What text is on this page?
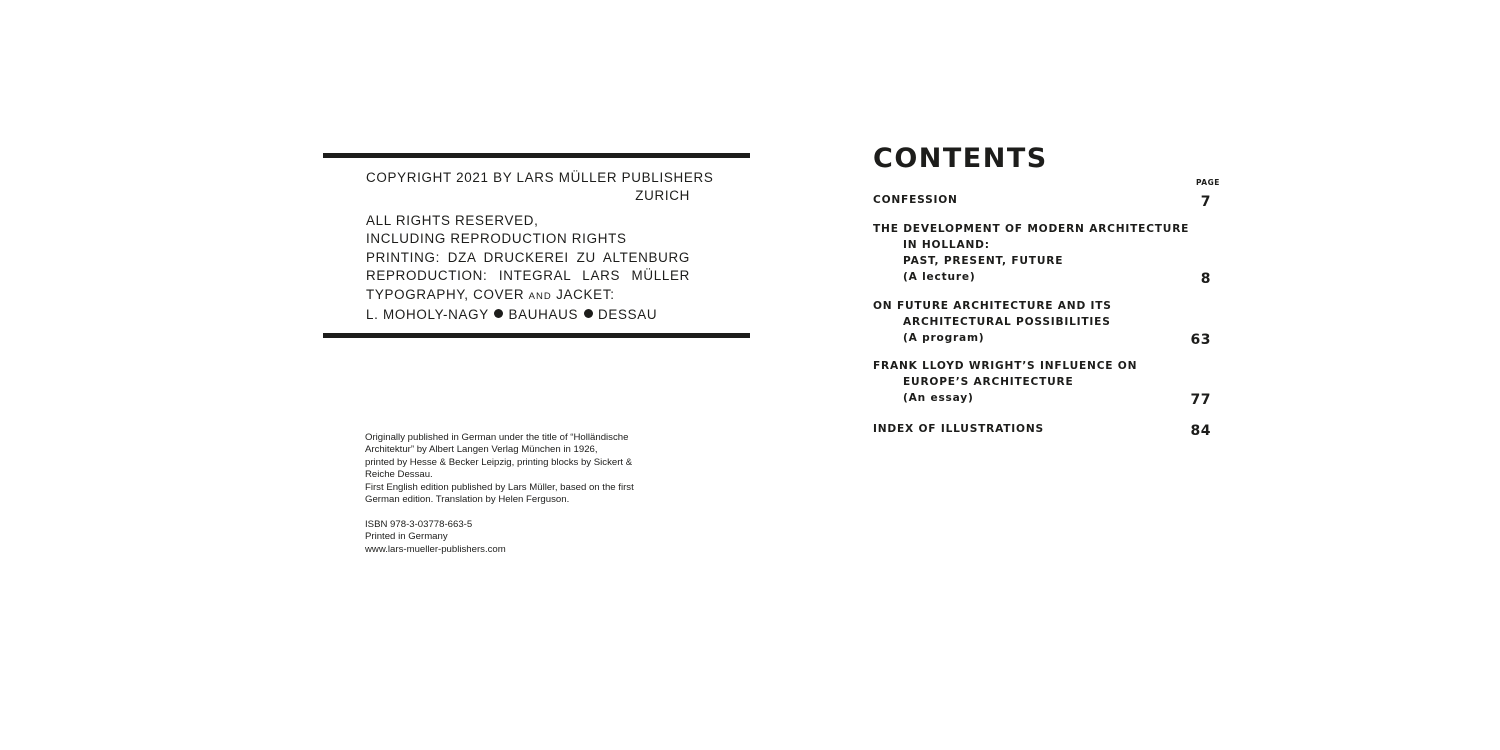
COPYRIGHT 2021 BY LARS MÜLLER PUBLISHERS
ZURICH
ALL RIGHTS RESERVED,
INCLUDING REPRODUCTION RIGHTS
PRINTING: DZA DRUCKEREI ZU ALTENBURG
REPRODUCTION: INTEGRAL LARS MÜLLER
TYPOGRAPHY, COVER AND JACKET:
L. MOHOLY-NAGY BAUHAUS DESSAU
Originally published in German under the title of “Holländische
Architektur” by Albert Langen Verlag München in 1926,
printed by Hesse & Becker Leipzig, printing blocks by Sickert &
Reiche Dessau.
First English edition published by Lars Müller, based on the first
German edition. Translation by Helen Ferguson.
ISBN 978-3-03778-663-5
Printed in Germany
www.lars-mueller-publishers.com
CONTENTS
PAGE
CONFESSION	7
THE DEVELOPMENT OF MODERN ARCHITECTURE
IN HOLLAND:
PAST, PRESENT, FUTURE
(A lecture)	8
ON FUTURE ARCHITECTURE AND ITS
ARCHITECTURAL POSSIBILITIES
(A program)	63
FRANK LLOYD WRIGHT’S INFLUENCE ON
EUROPE’S ARCHITECTURE
(An essay)	77
INDEX OF ILLUSTRATIONS	84
